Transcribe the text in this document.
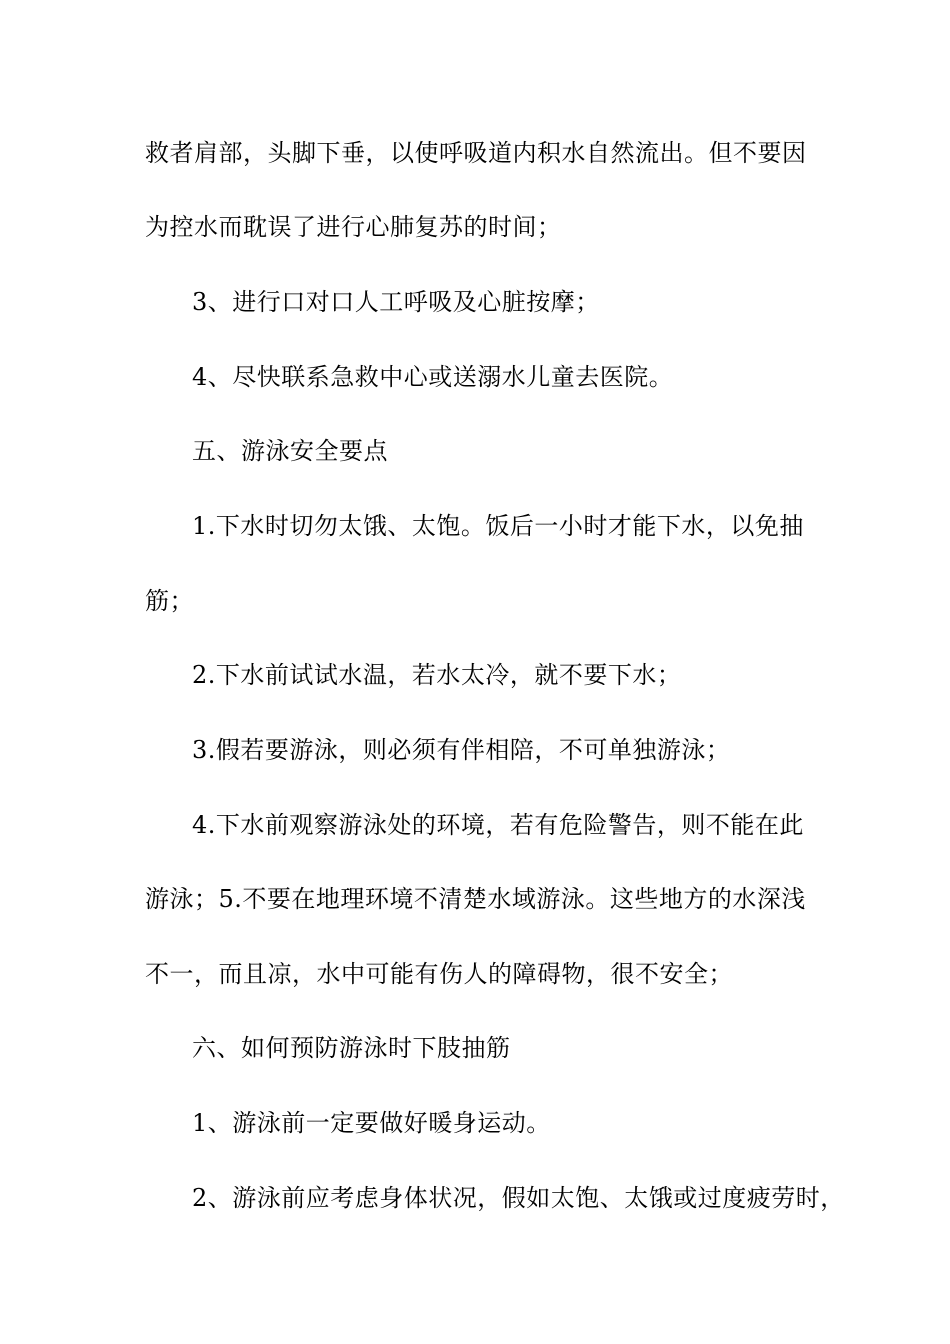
救者肩部，头脚下垂，以使呼吸道内积水自然流出。但不要因
为控水而耽误了进行心肺复苏的时间；
3、进行口对口人工呼吸及心脏按摩；
4、尽快联系急救中心或送溺水儿童去医院。
五、游泳安全要点
1.下水时切勿太饿、太饱。饭后一小时才能下水，以免抽
筋；
2.下水前试试水温，若水太冷，就不要下水；
3.假若要游泳，则必须有伴相陪，不可单独游泳；
4.下水前观察游泳处的环境，若有危险警告，则不能在此
游泳；5.不要在地理环境不清楚水域游泳。这些地方的水深浅
不一，而且凉，水中可能有伤人的障碍物，很不安全；
六、如何预防游泳时下肢抽筋
1、游泳前一定要做好暖身运动。
2、游泳前应考虑身体状况，假如太饱、太饿或过度疲劳时，
